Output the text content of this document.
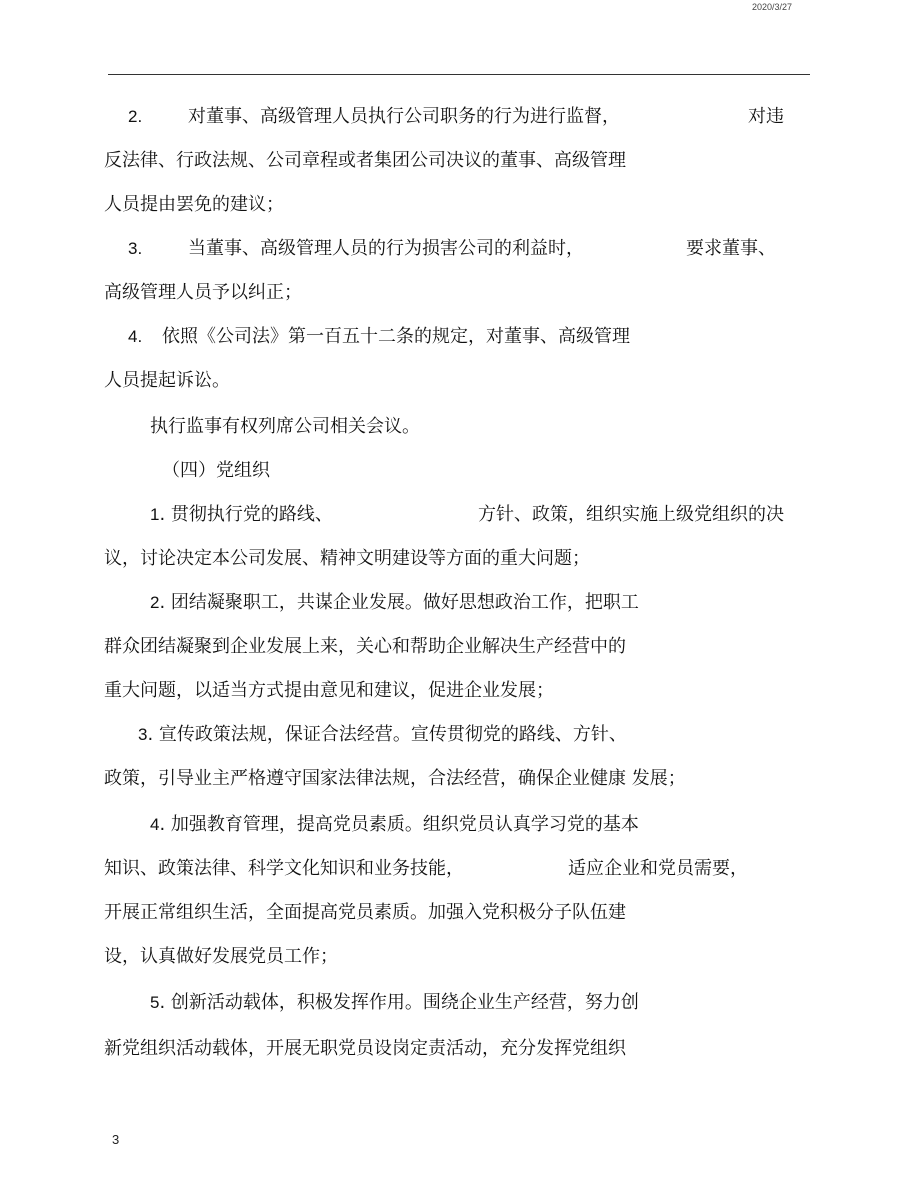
2020/3/27
2.	对董事、高级管理人员执行公司职务的行为进行监督，	对违
反法律、行政法规、公司章程或者集团公司决议的董事、高级管理
人员提由罢免的建议；
3.	当董事、高级管理人员的行为损害公司的利益时，	要求董事、
高级管理人员予以纠正；
4. 依照《公司法》第一百五十二条的规定，对董事、高级管理
人员提起诉讼。
执行监事有权列席公司相关会议。
（四）党组织
1. 贯彻执行党的路线、	方针、政策，组织实施上级党组织的决
议，讨论决定本公司发展、精神文明建设等方面的重大问题；
2. 团结凝聚职工，共谋企业发展。做好思想政治工作，把职工
群众团结凝聚到企业发展上来，关心和帮助企业解决生产经营中的
重大问题，以适当方式提由意见和建议，促进企业发展；
3. 宣传政策法规，保证合法经营。宣传贯彻党的路线、方针、
政策，引导业主严格遵守国家法律法规，合法经营，确保企业健康 发展；
4. 加强教育管理，提高党员素质。组织党员认真学习党的基本
知识、政策法律、科学文化知识和业务技能，	适应企业和党员需要，
开展正常组织生活，全面提高党员素质。加强入党积极分子队伍建
设，认真做好发展党员工作；
5. 创新活动载体，积极发挥作用。围绕企业生产经营，努力创
新党组织活动载体，开展无职党员设岗定责活动，充分发挥党组织
3
